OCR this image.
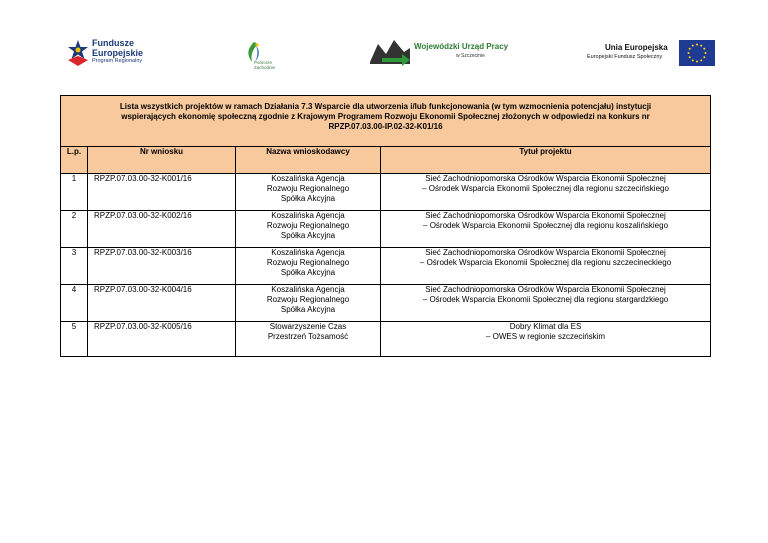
Fundusze
Europejskie
Program Regionalny	Pomorze
Zachodnie
Wojewódzki Urząd Pracy
w Szczecinie
Unia Europejska
Europejski Fundusz Społeczny
Lista wszystkich projektów w ramach Działania 7.3 Wsparcie dla utworzenia i/lub funkcjonowania (w tym wzmocnienia potencjału) instytucji
wspierających ekonomię społeczną zgodnie z Krajowym Programem Rozwoju Ekonomii Społecznej złożonych w odpowiedzi na konkurs nr
RPZP.07.03.00-IP.02-32-K01/16			
L.p.	Nr wniosku	Nazwa wnioskodawcy	Tytuł projektu
1	RPZP.07.03.00-32-K001/16	Koszalińska Agencja
Rozwoju Regionalnego
Spółka Akcyjna	Sieć Zachodniopomorska Ośrodków Wsparcia Ekonomii Społecznej
– Ośrodek Wsparcia Ekonomii Społecznej dla regionu szczecińskiego
2	RPZP.07.03.00-32-K002/16	Koszalińska Agencja
Rozwoju Regionalnego
Spółka Akcyjna	Sieć Zachodniopomorska Ośrodków Wsparcia Ekonomii Społecznej
– Ośrodek Wsparcia Ekonomii Społecznej dla regionu koszalińskiego
3	RPZP.07.03.00-32-K003/16	Koszalińska Agencja
Rozwoju Regionalnego
Spółka Akcyjna	Sieć Zachodniopomorska Ośrodków Wsparcia Ekonomii Społecznej
– Ośrodek Wsparcia Ekonomii Społecznej dla regionu szczecineckiego
4	RPZP.07.03.00-32-K004/16	Koszalińska Agencja
Rozwoju Regionalnego
Spółka Akcyjna	Sieć Zachodniopomorska Ośrodków Wsparcia Ekonomii Społecznej
– Ośrodek Wsparcia Ekonomii Społecznej dla regionu stargardzkiego
5	RPZP.07.03.00-32-K005/16	Stowarzyszenie Czas
Przestrzeń Tożsamość	Dobry Klimat dla ES
– OWES w regionie szczecińskim
